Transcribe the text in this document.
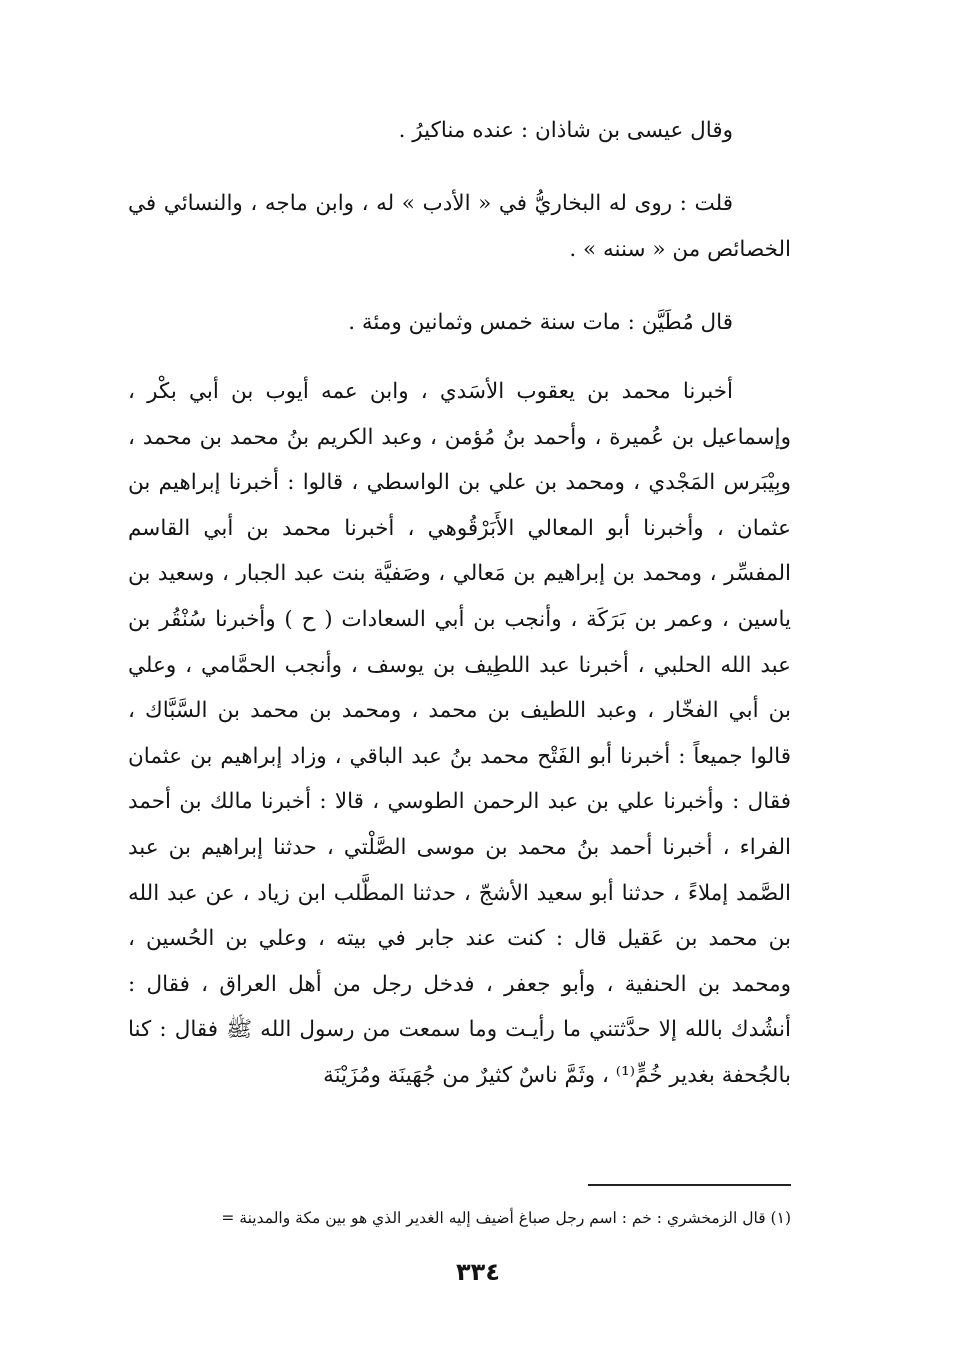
وقال عيسى بن شاذان : عنده مناكيرُ .

قلت : روى له البخاريُّ في « الأدب » له ، وابن ماجه ، والنسائي في الخصائص من « سننه » .

قال مُطَيَّن : مات سنة خمس وثمانين ومئة .

أخبرنا محمد بن يعقوب الأسَدي ، وابن عمه أيوب بن أبي بكْر ، وإسماعيل بن عُميرة ، وأحمد بنُ مُؤمن ، وعبد الكريم بنُ محمد بن محمد ، وبِيْبَرس المَجْدي ، ومحمد بن علي بن الواسطي ، قالوا : أخبرنا إبراهيم بن عثمان ، وأخبرنا أبو المعالي الأَبَرْقُوهي ، أخبرنا محمد بن أبي القاسم المفسِّر ، ومحمد بن إبراهيم بن مَعالي ، وصَفيَّة بنت عبد الجبار ، وسعيد بن ياسين ، وعمر بن بَرَكَة ، وأنجب بن أبي السعادات ( ح ) وأخبرنا سُنْقُر بن عبد الله الحلبي ، أخبرنا عبد اللطِيف بن يوسف ، وأنجب الحمَّامي ، وعلي بن أبي الفخّار ، وعبد اللطيف بن محمد ، ومحمد بن محمد بن السَّبَّاك ، قالوا جميعاً : أخبرنا أبو الفَتْح محمد بنُ عبد الباقي ، وزاد إبراهيم بن عثمان فقال : وأخبرنا علي بن عبد الرحمن الطوسي ، قالا : أخبرنا مالك بن أحمد الفراء ، أخبرنا أحمد بنُ محمد بن موسى الصَّلْتي ، حدثنا إبراهيم بن عبد الصَّمد إملاءً ، حدثنا أبو سعيد الأشجّ ، حدثنا المطَّلب ابن زياد ، عن عبد الله بن محمد بن عَقيل قال : كنت عند جابر في بيته ، وعلي بن الحُسين ، ومحمد بن الحنفية ، وأبو جعفر ، فدخل رجل من أهل العراق ، فقال : أنشُدك بالله إلا حدَّثتني ما رأيـت وما سمعت من رسول الله ﷺ فقال : كنا بالجُحفة بغدير خُمٍّ⁽¹⁾ ، وثَمَّ ناسٌ كثيرٌ من جُهَينَة ومُزَيْنَة

(١) قال الزمخشري : خم : اسم رجل صباغ أضيف إليه الغدير الذي هو بين مكة والمدينة =
٣٣٤
